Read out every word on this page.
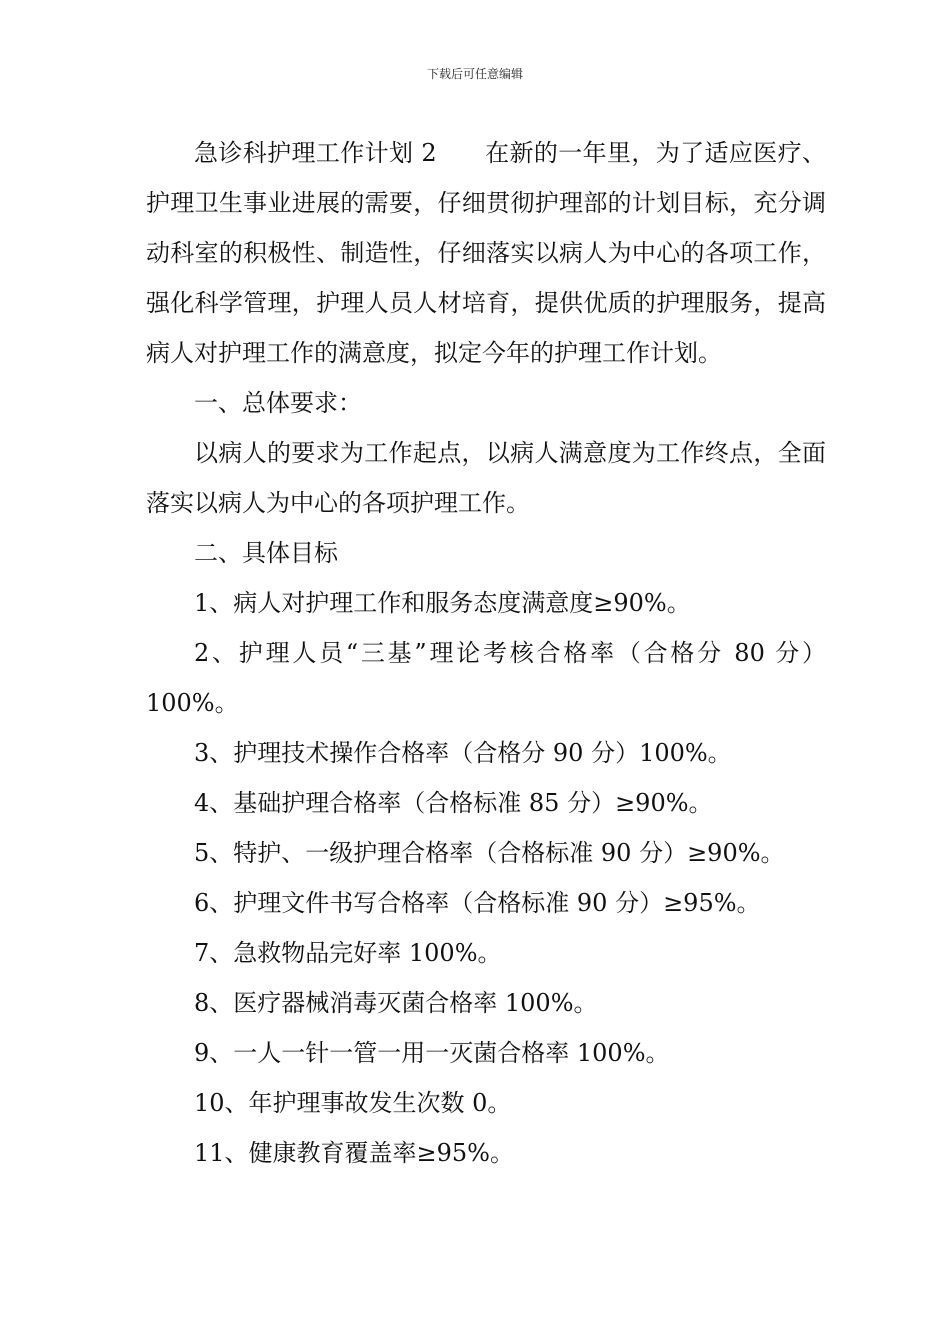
下载后可任意编辑

急诊科护理工作计划 2 在新的一年里，为了适应医疗、护理卫生事业进展的需要，仔细贯彻护理部的计划目标，充分调动科室的积极性、制造性，仔细落实以病人为中心的各项工作，强化科学管理，护理人员人材培育，提供优质的护理服务，提高病人对护理工作的满意度，拟定今年的护理工作计划。

一、总体要求：

以病人的要求为工作起点，以病人满意度为工作终点，全面落实以病人为中心的各项护理工作。

二、具体目标

1、病人对护理工作和服务态度满意度≥90%。

2、护理人员“三基”理论考核合格率（合格分 80 分）100%。

3、护理技术操作合格率（合格分 90 分）100%。

4、基础护理合格率（合格标准 85 分）≥90%。

5、特护、一级护理合格率（合格标准 90 分）≥90%。

6、护理文件书写合格率（合格标准 90 分）≥95%。

7、急救物品完好率 100%。

8、医疗器械消毒灭菌合格率 100%。

9、一人一针一管一用一灭菌合格率 100%。

10、年护理事故发生次数 0。

11、健康教育覆盖率≥95%。
